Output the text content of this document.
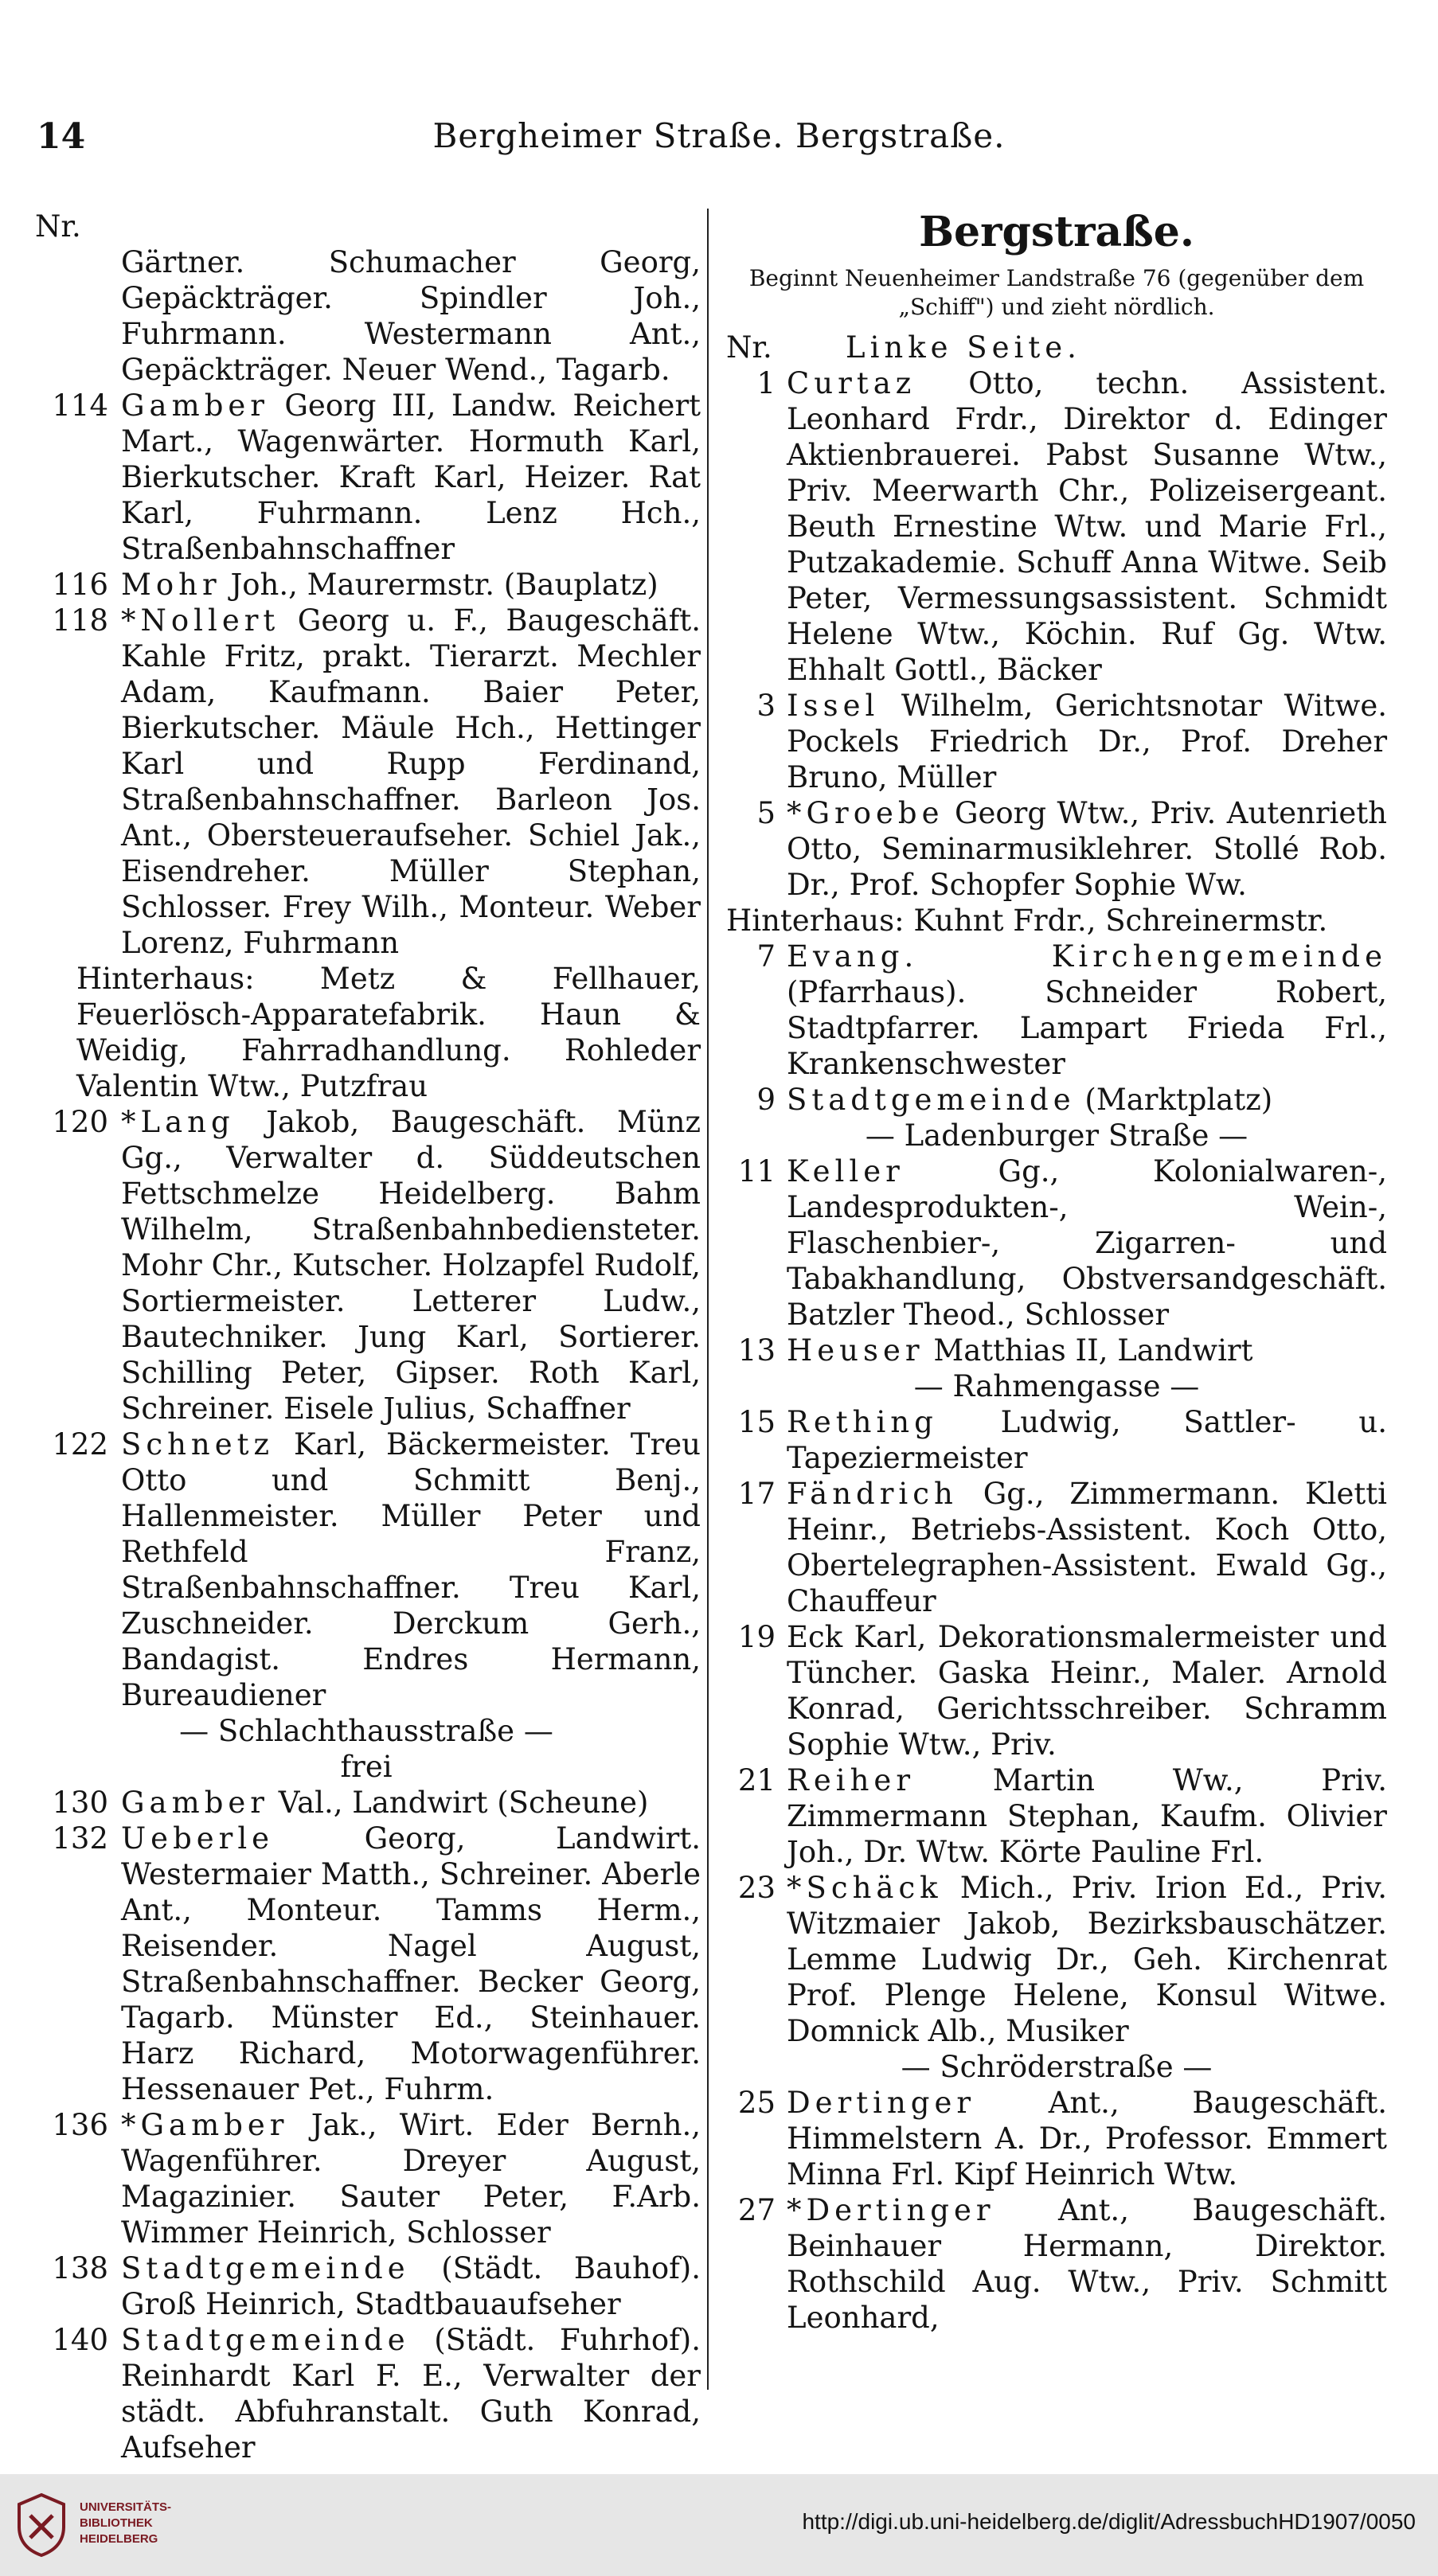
14	Bergheimer Straße. Bergstraße.
Nr.
Gärtner. Schumacher Georg, Gepäckträger. Spindler Joh., Fuhrmann. Westermann Ant., Gepäckträger. Neuer Wend., Tagarb.
114 Gamber Georg III, Landw. Reichert Mart., Wagenwärter. Hormuth Karl, Bierkutscher. Kraft Karl, Heizer. Rat Karl, Fuhrmann. Lenz Hch., Straßenbahnschaffner
116 Mohr Joh., Maurermstr. (Bauplatz)
118 *Nollert Georg u. F., Baugeschäft. Kahle Fritz, prakt. Tierarzt. Mechler Adam, Kaufmann. Baier Peter, Bierkutscher. Mäule Hch., Hettinger Karl und Rupp Ferdinand, Straßenbahnschaffner. Barleon Jos. Ant., Obersteueraufseher. Schiel Jak., Eisendreher. Müller Stephan, Schlosser. Frey Wilh., Monteur. Weber Lorenz, Fuhrmann
Hinterhaus: Metz & Fellhauer, Feuerlösch-Apparatefabrik. Haun & Weidig, Fahrradhandlung. Rohleder Valentin Wtw., Putzfrau
120 *Lang Jakob, Baugeschäft. Münz Gg., Verwalter d. Süddeutschen Fettschmelze Heidelberg. Bahm Wilhelm, Straßenbahnbediensteter. Mohr Chr., Kutscher. Holzapfel Rudolf, Sortiermeister. Letterer Ludw., Bautechniker. Jung Karl, Sortierer. Schilling Peter, Gipser. Roth Karl, Schreiner. Eisele Julius, Schaffner
122 Schnetz Karl, Bäckermeister. Treu Otto und Schmitt Benj., Hallenmeister. Müller Peter und Rethfeld Franz, Straßenbahnschaffner. Treu Karl, Zuschneider. Derckum Gerh., Bandagist. Endres Hermann, Bureaudiener
— Schlachthausstraße —
frei
130 Gamber Val., Landwirt (Scheune)
132 Ueberle	Georg, Landwirt. Westermaier Matth., Schreiner. Aberle Ant., Monteur. Tamms Herm., Reisender. Nagel August, Straßenbahnschaffner. Becker Georg, Tagarb. Münster Ed., Steinhauer. Harz Richard, Motorwagenführer. Hessenauer Pet., Fuhrm.
136 *Gamber Jak., Wirt. Eder Bernh., Wagenführer. Dreyer August, Magazinier. Sauter Peter, F.Arb. Wimmer Heinrich, Schlosser
138 Stadtgemeinde (Städt. Bauhof). Groß Heinrich, Stadtbauaufseher
140 Stadtgemeinde (Städt. Fuhrhof). Reinhardt Karl F. E., Verwalter der städt. Abfuhranstalt. Guth Konrad, Aufseher
Bergstraße.
Beginnt Neuenheimer Landstraße 76 (gegenüber dem „Schiff") und zieht nördlich.
Nr.	Linke Seite.
1 Curtaz Otto, techn. Assistent. Leonhard Frdr., Direktor d. Edinger Aktienbrauerei. Pabst Susanne Wtw., Priv. Meerwarth Chr., Polizeisergeant. Beuth Ernestine Wtw. und Marie Frl., Putzakademie. Schuff Anna Witwe. Seib Peter, Vermessungsassistent. Schmidt Helene Wtw., Köchin. Ruf Gg. Wtw. Ehhalt Gottl., Bäcker
3 Issel Wilhelm, Gerichtsnotar Witwe. Pockels Friedrich Dr., Prof. Dreher Bruno, Müller
5 *Groebe Georg Wtw., Priv. Autenrieth Otto, Seminarmusiklehrer. Stollé Rob. Dr., Prof. Schopfer Sophie Ww.
Hinterhaus: Kuhnt Frdr., Schreinermstr.
7 Evang. Kirchengemeinde (Pfarrhaus). Schneider Robert, Stadtpfarrer. Lampart Frieda Frl., Krankenschwester
9 Stadtgemeinde (Marktplatz)
— Ladenburger Straße —
11 Keller	Gg., Kolonialwaren-, Landesprodukten-, Wein-, Flaschenbier-, Zigarren- und Tabakhandlung, Obstversandgeschäft. Batzler Theod., Schlosser
13 Heuser Matthias II, Landwirt
— Rahmengasse —
15 Rething Ludwig, Sattler- u. Tapeziermeister
17 Fändrich Gg., Zimmermann. Kletti Heinr., Betriebs-Assistent. Koch Otto, Obertelegraphen-Assistent. Ewald Gg., Chauffeur
19 Eck Karl, Dekorationsmalermeister und Tüncher. Gaska Heinr., Maler. Arnold Konrad, Gerichtsschreiber. Schramm Sophie Wtw., Priv.
21 Reiher	Martin Ww., Priv. Zimmermann Stephan, Kaufm. Olivier Joh., Dr. Wtw. Körte Pauline Frl.
23 *Schäck Mich., Priv. Irion Ed., Priv. Witzmaier Jakob, Bezirksbauschätzer. Lemme Ludwig Dr., Geh. Kirchenrat Prof. Plenge Helene, Konsul Witwe. Domnick Alb., Musiker
— Schröderstraße —
25 Dertinger Ant., Baugeschäft. Himmelstern A. Dr., Professor. Emmert Minna Frl. Kipf Heinrich Wtw.
27 *Dertinger Ant., Baugeschäft. Beinhauer Hermann, Direktor. Rothschild Aug. Wtw., Priv. Schmitt Leonhard,
UNIVERSITÄTS-
BIBLIOTHEK
HEIDELBERG
http://digi.ub.uni-heidelberg.de/diglit/AdressbuchHD1907/0050
